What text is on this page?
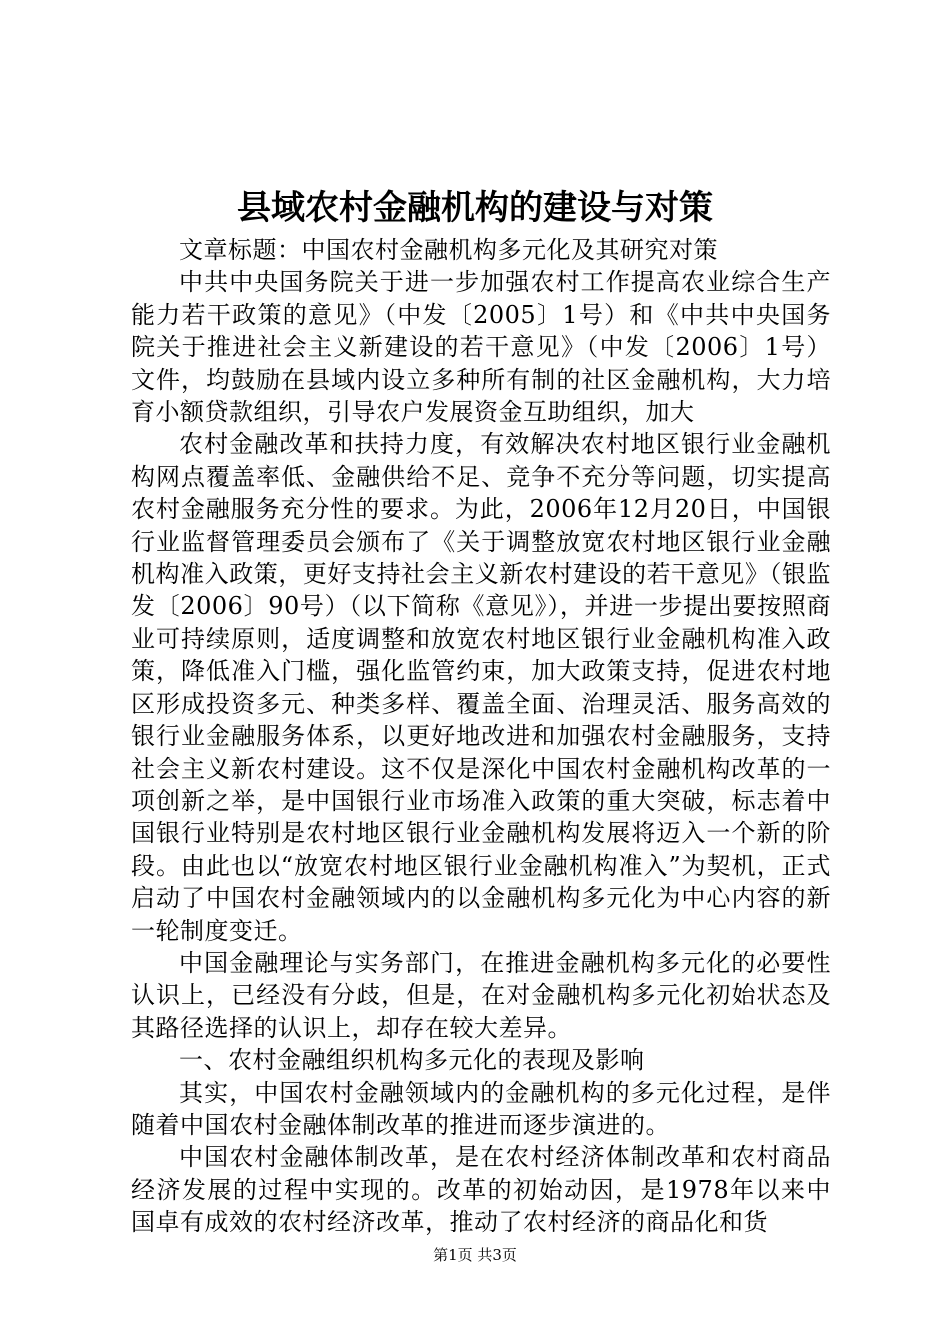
县域农村金融机构的建设与对策

文章标题：中国农村金融机构多元化及其研究对策

中共中央国务院关于进一步加强农村工作提高农业综合生产能力若干政策的意见》（中发〔2005〕1号）和《中共中央国务院关于推进社会主义新建设的若干意见》（中发〔2006〕1号）文件，均鼓励在县域内设立多种所有制的社区金融机构，大力培育小额贷款组织，引导农户发展资金互助组织，加大

农村金融改革和扶持力度，有效解决农村地区银行业金融机构网点覆盖率低、金融供给不足、竞争不充分等问题，切实提高农村金融服务充分性的要求。为此，2006年12月20日，中国银行业监督管理委员会颁布了《关于调整放宽农村地区银行业金融机构准入政策，更好支持社会主义新农村建设的若干意见》（银监发〔2006〕90号）（以下简称《意见》），并进一步提出要按照商业可持续原则，适度调整和放宽农村地区银行业金融机构准入政策，降低准入门槛，强化监管约束，加大政策支持，促进农村地区形成投资多元、种类多样、覆盖全面、治理灵活、服务高效的银行业金融服务体系，以更好地改进和加强农村金融服务，支持社会主义新农村建设。这不仅是深化中国农村金融机构改革的一项创新之举，是中国银行业市场准入政策的重大突破，标志着中国银行业特别是农村地区银行业金融机构发展将迈入一个新的阶段。由此也以“放宽农村地区银行业金融机构准入”为契机，正式启动了中国农村金融领域内的以金融机构多元化为中心内容的新一轮制度变迁。

中国金融理论与实务部门，在推进金融机构多元化的必要性认识上，已经没有分歧，但是，在对金融机构多元化初始状态及其路径选择的认识上，却存在较大差异。

一、农村金融组织机构多元化的表现及影响

其实，中国农村金融领域内的金融机构的多元化过程，是伴随着中国农村金融体制改革的推进而逐步演进的。

中国农村金融体制改革，是在农村经济体制改革和农村商品经济发展的过程中实现的。改革的初始动因，是1978年以来中国卓有成效的农村经济改革，推动了农村经济的商品化和货

第1页 共3页
